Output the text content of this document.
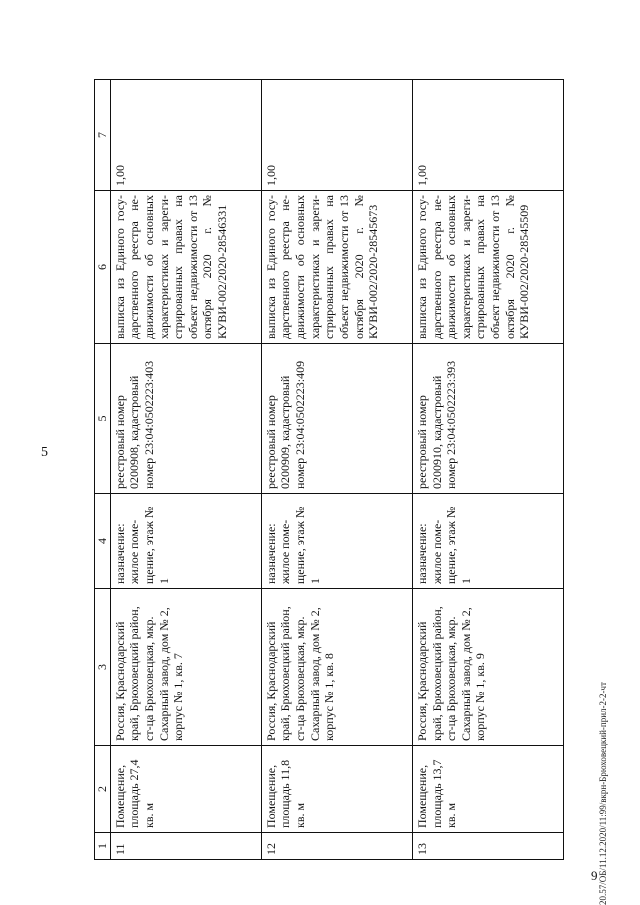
5
20.57/ОБ/11.12.2020/11:99/вкрн-Брюховецкий-прил-2-2-чт
9
1	2	3	4	5	6	7
11	Помещение, площадь 27,4 кв. м	Россия, Краснодарский край, Брюховецкий район, ст-ца Брюховецкая, мкр. Сахарный завод, дом № 2, корпус № 1, кв. 7	назначение: жилое поме-щение, этаж № 1	реестровый номер 0200908, кадастровый номер 23:04:0502223:403	выписка из Единого госу-дарственного реестра не-движимости об основных характеристиках и зареги-стрированных правах на объект недвижимости от 13 октября 2020 г. № КУВИ-002/2020-28546331	1,00
12	Помещение, площадь 11,8 кв. м	Россия, Краснодарский край, Брюховецкий район, ст-ца Брюховецкая, мкр. Сахарный завод, дом № 2, корпус № 1, кв. 8	назначение: жилое поме-щение, этаж № 1	реестровый номер 0200909, кадастровый номер 23:04:0502223:409	выписка из Единого госу-дарственного реестра не-движимости об основных характеристиках и зареги-стрированных правах на объект недвижимости от 13 октября 2020 г. № КУВИ-002/2020-28545673	1,00
13	Помещение, площадь 13,7 кв. м	Россия, Краснодарский край, Брюховецкий район, ст-ца Брюховецкая, мкр. Сахарный завод, дом № 2, корпус № 1, кв. 9	назначение: жилое поме-щение, этаж № 1	реестровый номер 0200910, кадастровый номер 23:04:0502223:393	выписка из Единого госу-дарственного реестра не-движимости об основных характеристиках и зареги-стрированных правах на объект недвижимости от 13 октября 2020 г. № КУВИ-002/2020-28545509	1,00
